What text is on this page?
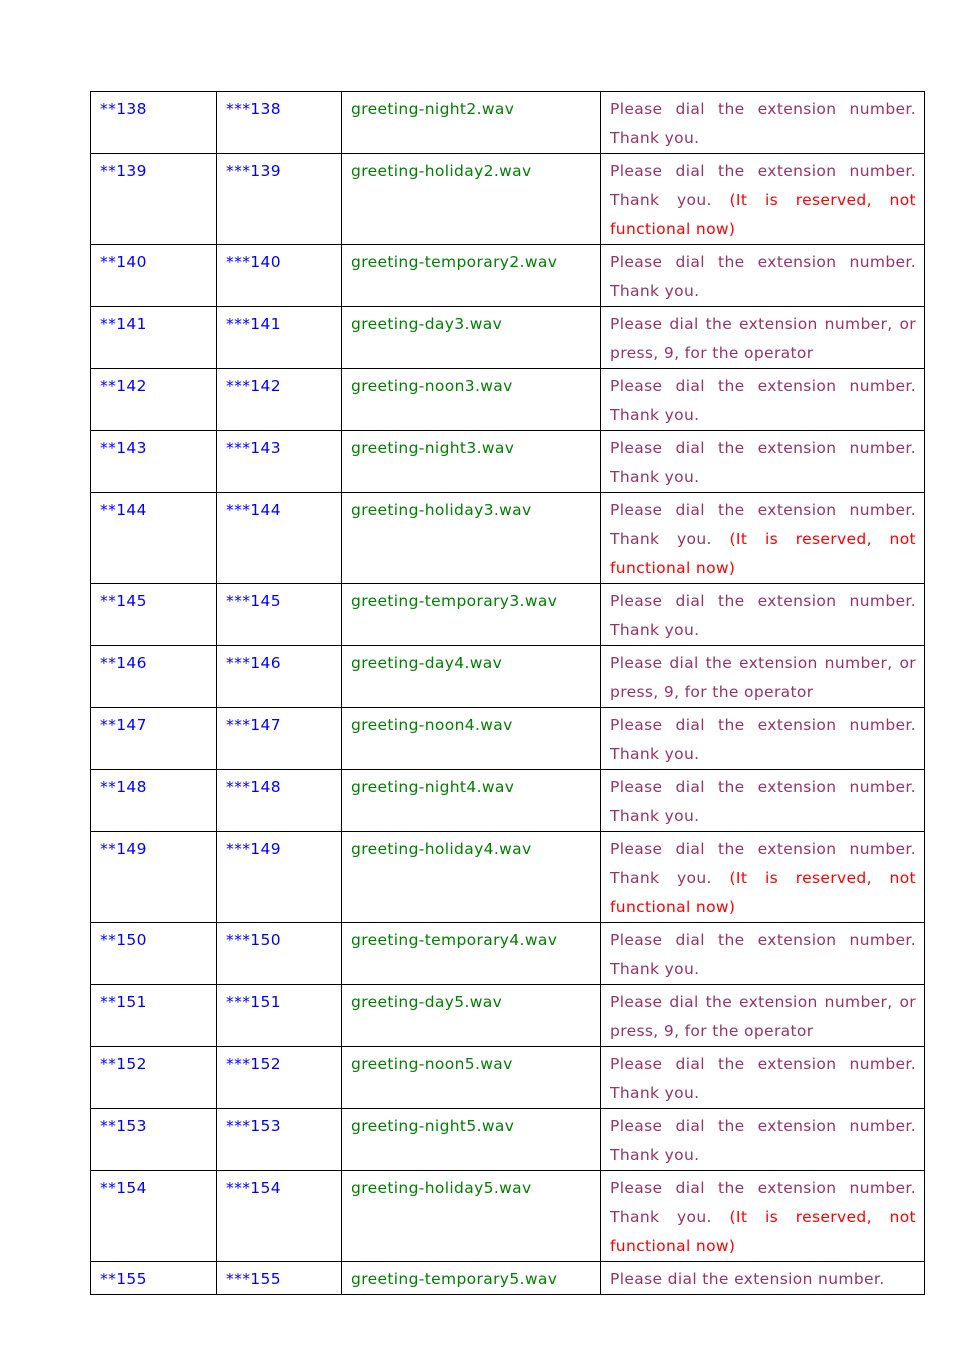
**138	***138	greeting-night2.wav	Please dial the extension number. Thank you.
**139	***139	greeting-holiday2.wav	Please dial the extension number. Thank you. (It is reserved, not functional now)
**140	***140	greeting-temporary2.wav	Please dial the extension number. Thank you.
**141	***141	greeting-day3.wav	Please dial the extension number, or press, 9, for the operator
**142	***142	greeting-noon3.wav	Please dial the extension number. Thank you.
**143	***143	greeting-night3.wav	Please dial the extension number. Thank you.
**144	***144	greeting-holiday3.wav	Please dial the extension number. Thank you. (It is reserved, not functional now)
**145	***145	greeting-temporary3.wav	Please dial the extension number. Thank you.
**146	***146	greeting-day4.wav	Please dial the extension number, or press, 9, for the operator
**147	***147	greeting-noon4.wav	Please dial the extension number. Thank you.
**148	***148	greeting-night4.wav	Please dial the extension number. Thank you.
**149	***149	greeting-holiday4.wav	Please dial the extension number. Thank you. (It is reserved, not functional now)
**150	***150	greeting-temporary4.wav	Please dial the extension number. Thank you.
**151	***151	greeting-day5.wav	Please dial the extension number, or press, 9, for the operator
**152	***152	greeting-noon5.wav	Please dial the extension number. Thank you.
**153	***153	greeting-night5.wav	Please dial the extension number. Thank you.
**154	***154	greeting-holiday5.wav	Please dial the extension number. Thank you. (It is reserved, not functional now)
**155	***155	greeting-temporary5.wav	Please dial the extension number.
